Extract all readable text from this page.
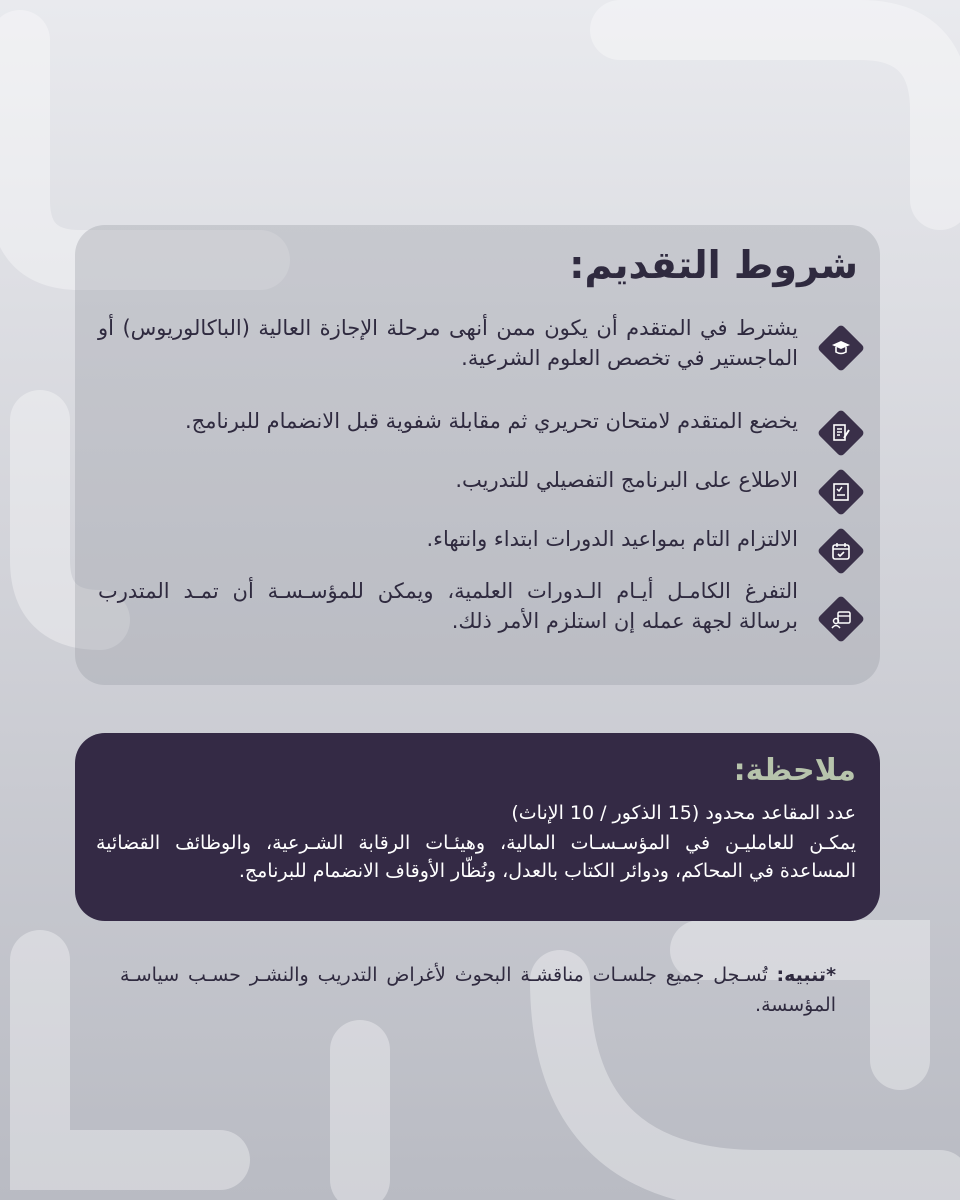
شروط التقديم:
يشترط في المتقدم أن يكون ممن أنهى مرحلة الإجازة العالية (الباكالوريوس) أو الماجستير في تخصص العلوم الشرعية.
يخضع المتقدم لامتحان تحريري ثم مقابلة شفوية قبل الانضمام للبرنامج.
الاطلاع على البرنامج التفصيلي للتدريب.
الالتزام التام بمواعيد الدورات ابتداء وانتهاء.
التفرغ الكامـل أيـام الـدورات العلمية، ويمكن للمؤسـسـة أن تمـد المتدرب برسالة لجهة عمله إن استلزم الأمر ذلك.
ملاحظة:
عدد المقاعد محدود (15 الذكور / 10 الإناث)
يمكـن للعامليـن في المؤسـسـات المالية، وهيئـات الرقابة الشـرعية، والوظائف القضائية المساعدة في المحاكم، ودوائر الكتاب بالعدل، ونُظّار الأوقاف الانضمام للبرنامج.

*تنبيه: تُسـجل جميع جلسـات مناقشـة البحوث لأغراض التدريب والنشـر حسـب سياسـة المؤسسة.
